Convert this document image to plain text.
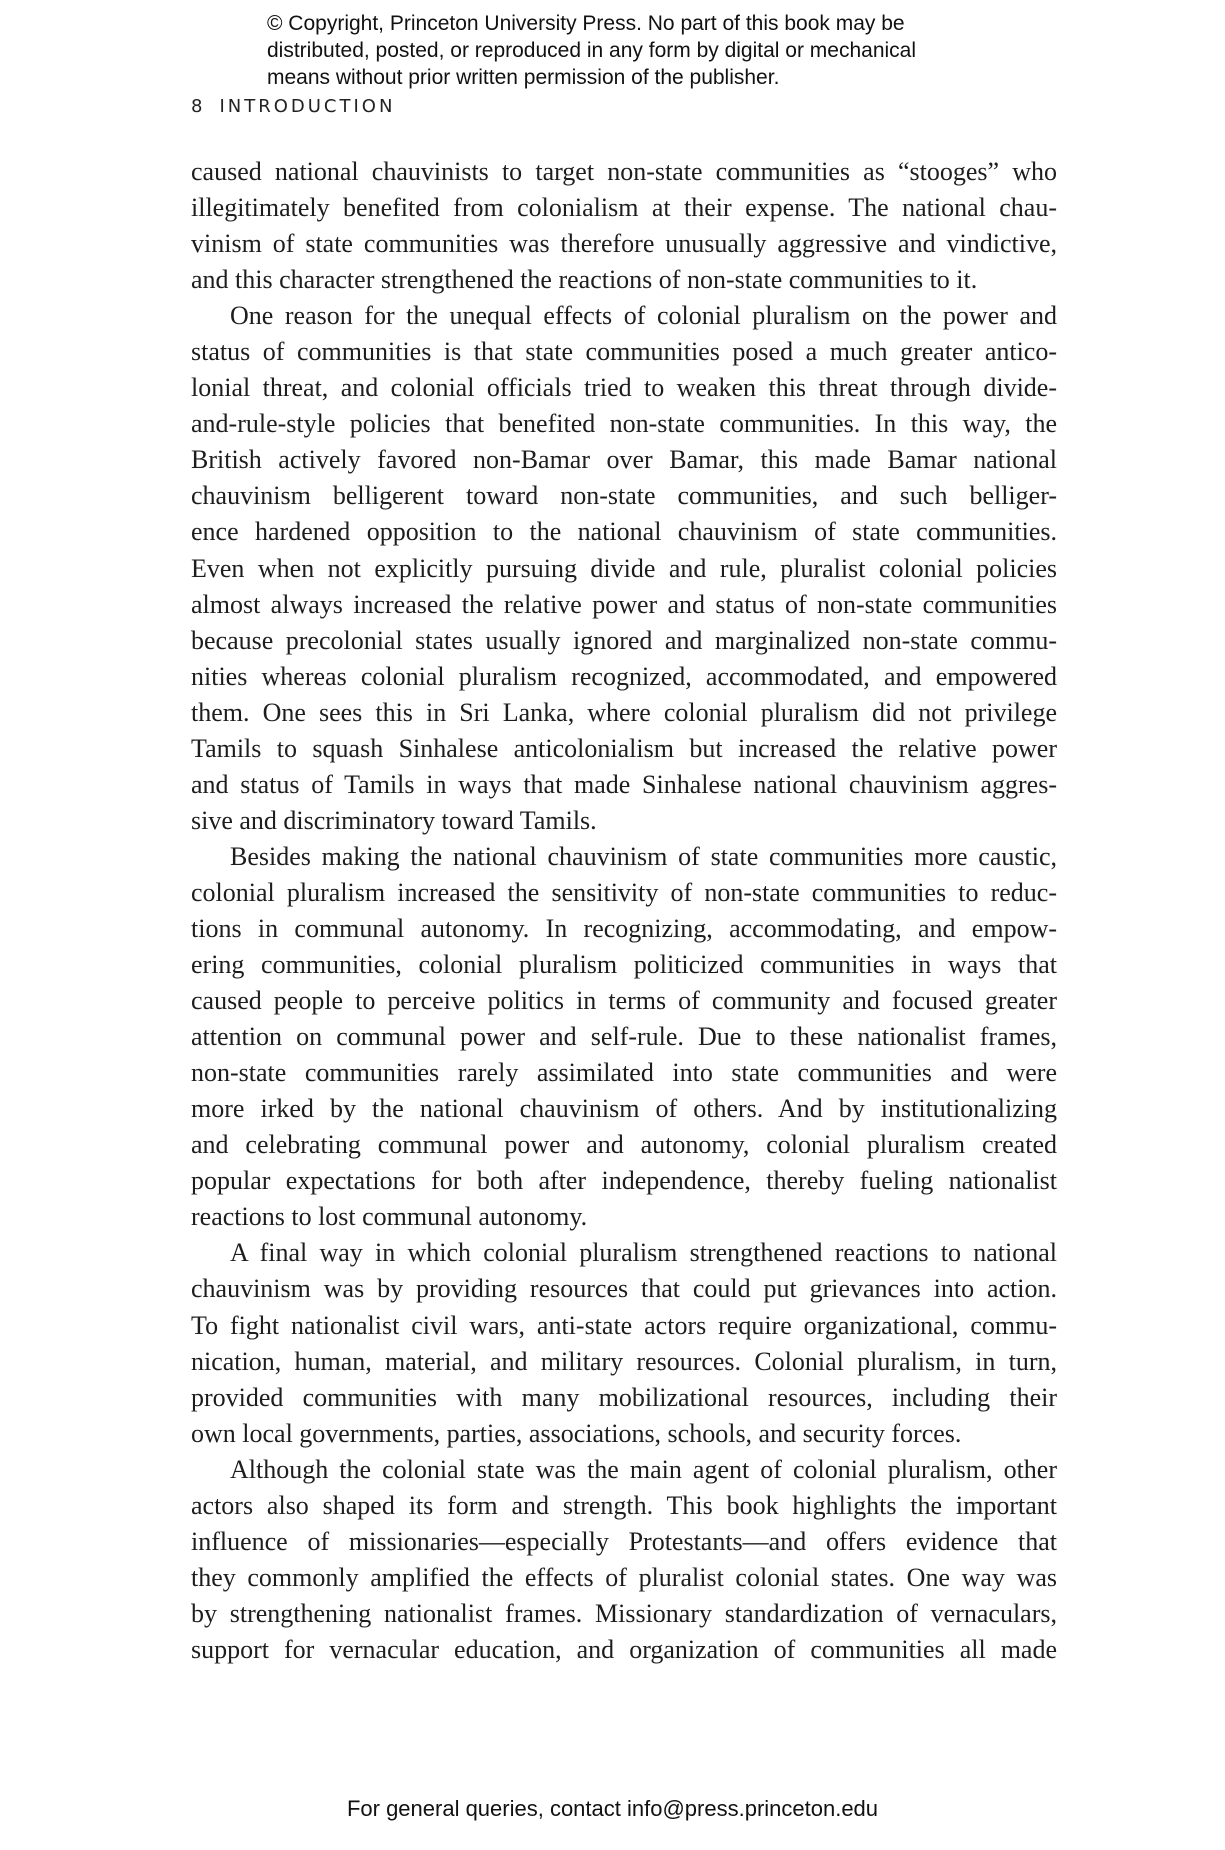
© Copyright, Princeton University Press. No part of this book may be
distributed, posted, or reproduced in any form by digital or mechanical
means without prior written permission of the publisher.
8 INTRODUCTION
caused national chauvinists to target non-state communities as “stooges” who
illegitimately benefited from colonialism at their expense. The national chau-
vinism of state communities was therefore unusually aggressive and vindictive,
and this character strengthened the reactions of non-state communities to it.
One reason for the unequal effects of colonial pluralism on the power and
status of communities is that state communities posed a much greater antico-
lonial threat, and colonial officials tried to weaken this threat through divide-
and-rule-style policies that benefited non-state communities. In this way, the
British actively favored non-Bamar over Bamar, this made Bamar national
chauvinism belligerent toward non-state communities, and such belliger-
ence hardened opposition to the national chauvinism of state communities.
Even when not explicitly pursuing divide and rule, pluralist colonial policies
almost always increased the relative power and status of non-state communities
because precolonial states usually ignored and marginalized non-state commu-
nities whereas colonial pluralism recognized, accommodated, and empowered
them. One sees this in Sri Lanka, where colonial pluralism did not privilege
Tamils to squash Sinhalese anticolonialism but increased the relative power
and status of Tamils in ways that made Sinhalese national chauvinism aggres-
sive and discriminatory toward Tamils.
Besides making the national chauvinism of state communities more caustic,
colonial pluralism increased the sensitivity of non-state communities to reduc-
tions in communal autonomy. In recognizing, accommodating, and empow-
ering communities, colonial pluralism politicized communities in ways that
caused people to perceive politics in terms of community and focused greater
attention on communal power and self-rule. Due to these nationalist frames,
non-state communities rarely assimilated into state communities and were
more irked by the national chauvinism of others. And by institutionalizing
and celebrating communal power and autonomy, colonial pluralism created
popular expectations for both after independence, thereby fueling nationalist
reactions to lost communal autonomy.
A final way in which colonial pluralism strengthened reactions to national
chauvinism was by providing resources that could put grievances into action.
To fight nationalist civil wars, anti-state actors require organizational, commu-
nication, human, material, and military resources. Colonial pluralism, in turn,
provided communities with many mobilizational resources, including their
own local governments, parties, associations, schools, and security forces.
Although the colonial state was the main agent of colonial pluralism, other
actors also shaped its form and strength. This book highlights the important
influence of missionaries—especially Protestants—and offers evidence that
they commonly amplified the effects of pluralist colonial states. One way was
by strengthening nationalist frames. Missionary standardization of vernaculars,
support for vernacular education, and organization of communities all made
For general queries, contact info@press.princeton.edu
